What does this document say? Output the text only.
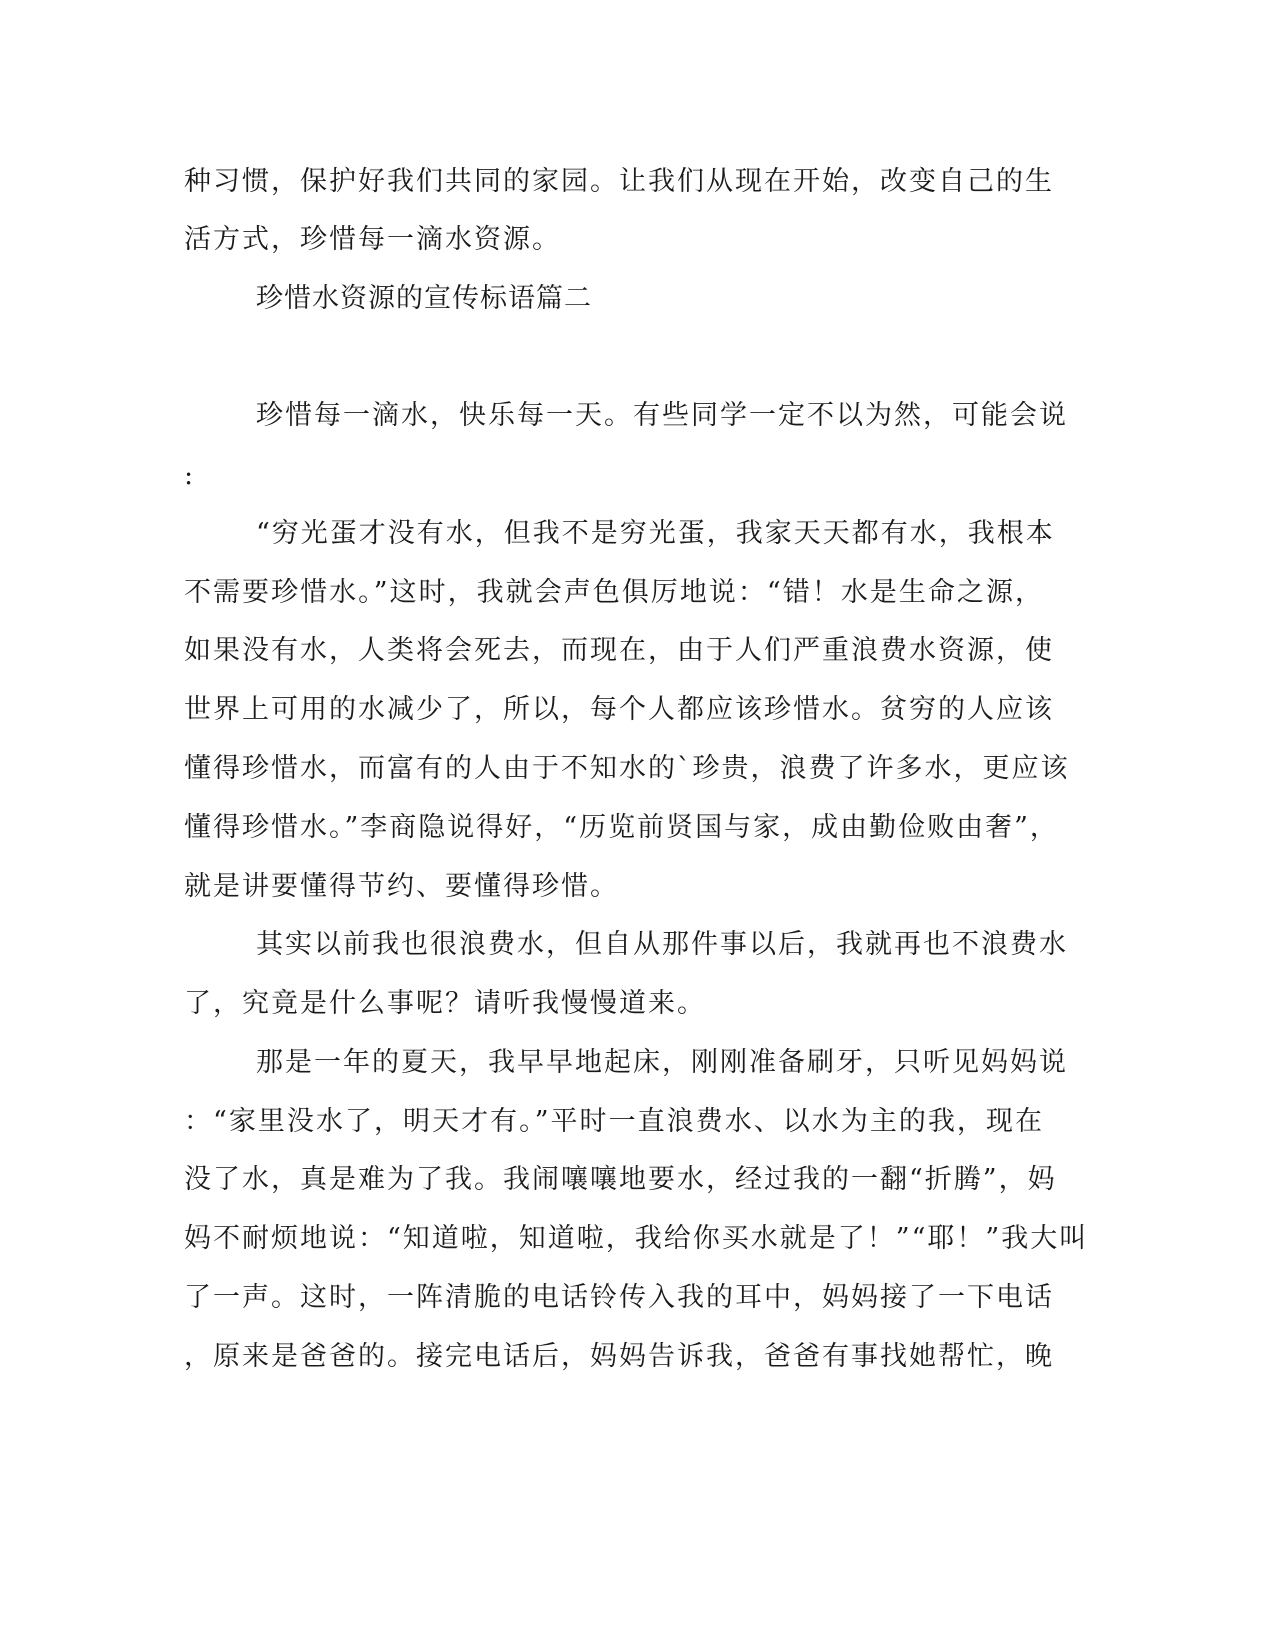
种习惯，保护好我们共同的家园。让我们从现在开始，改变自己的生
活方式，珍惜每一滴水资源。
珍惜水资源的宣传标语篇二
珍惜每一滴水，快乐每一天。有些同学一定不以为然，可能会说
:
“穷光蛋才没有水，但我不是穷光蛋，我家天天都有水，我根本
不需要珍惜水。”这时，我就会声色俱厉地说：“错！水是生命之源，
如果没有水，人类将会死去，而现在，由于人们严重浪费水资源，使
世界上可用的水减少了，所以，每个人都应该珍惜水。贫穷的人应该
懂得珍惜水，而富有的人由于不知水的`珍贵，浪费了许多水，更应该
懂得珍惜水。”李商隐说得好，“历览前贤国与家，成由勤俭败由奢”，
就是讲要懂得节约、要懂得珍惜。
其实以前我也很浪费水，但自从那件事以后，我就再也不浪费水
了，究竟是什么事呢？请听我慢慢道来。
那是一年的夏天，我早早地起床，刚刚准备刷牙，只听见妈妈说
：“家里没水了，明天才有。”平时一直浪费水、以水为主的我，现在
没了水，真是难为了我。我闹嚷嚷地要水，经过我的一翻“折腾”，妈
妈不耐烦地说：“知道啦，知道啦，我给你买水就是了！”“耶！”我大叫
了一声。这时，一阵清脆的电话铃传入我的耳中，妈妈接了一下电话
，原来是爸爸的。接完电话后，妈妈告诉我，爸爸有事找她帮忙，晚
